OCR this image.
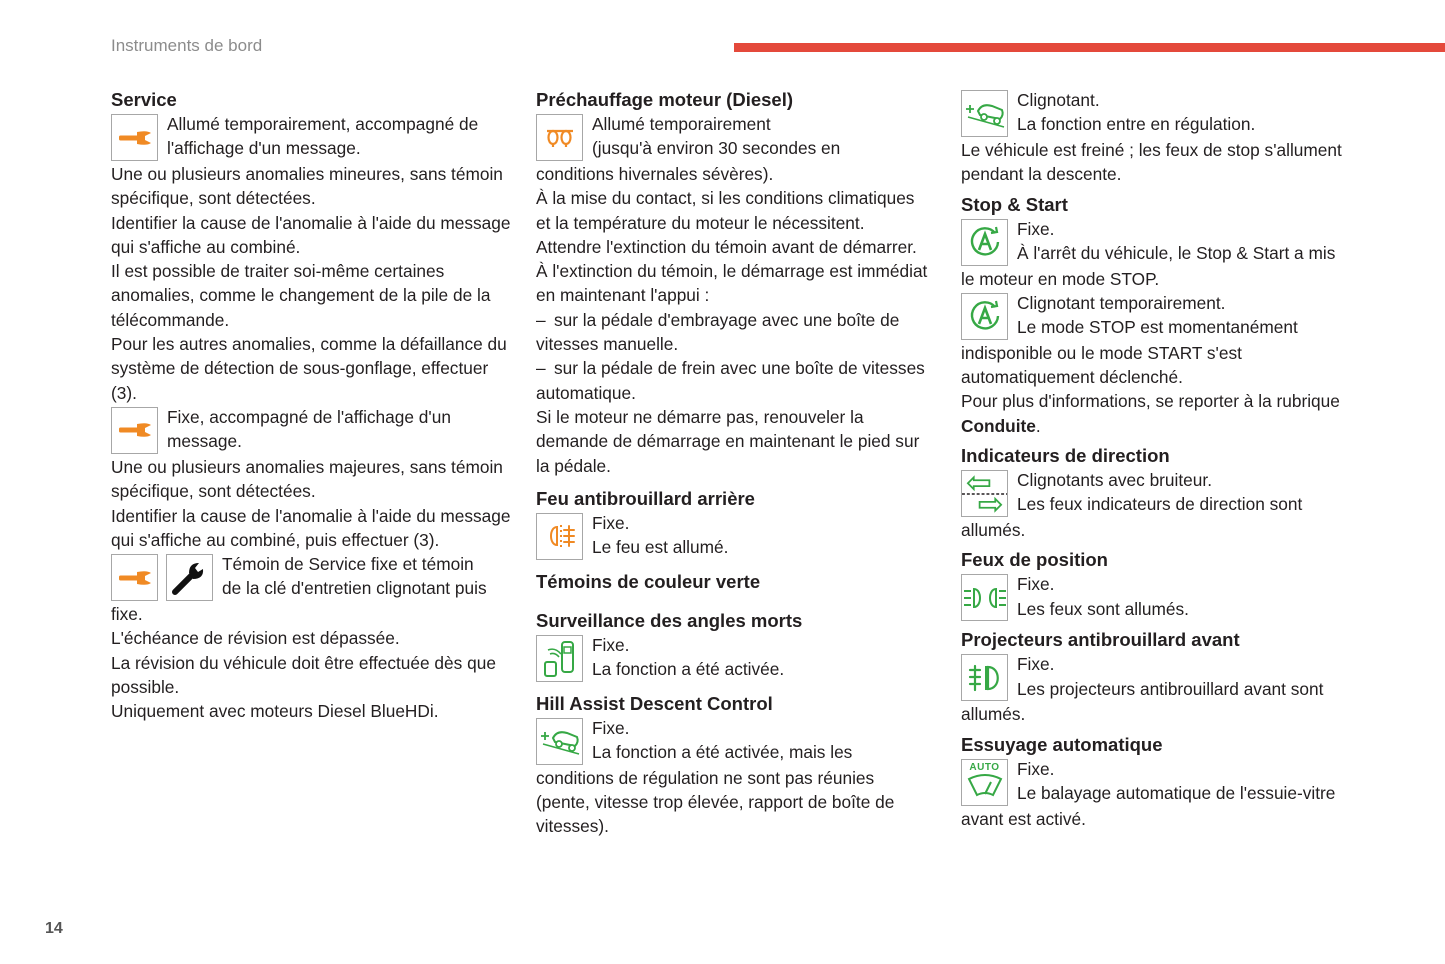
Instruments de bord
Service

Allumé temporairement, accompagné de

l'affichage d'un message.

Une ou plusieurs anomalies mineures, sans témoin spécifique, sont détectées.

Identifier la cause de l'anomalie à l'aide du message qui s'affiche au combiné.

Il est possible de traiter soi-même certaines anomalies, comme le changement de la pile de la télécommande.

Pour les autres anomalies, comme la défaillance du système de détection de sous-gonflage, effectuer (3).

Fixe, accompagné de l'affichage d'un

message.

Une ou plusieurs anomalies majeures, sans témoin spécifique, sont détectées.

Identifier la cause de l'anomalie à l'aide du message qui s'affiche au combiné, puis effectuer (3).

Témoin de Service fixe et témoin

de la clé d'entretien clignotant puis

fixe.

L'échéance de révision est dépassée.

La révision du véhicule doit être effectuée dès que possible.

Uniquement avec moteurs Diesel BlueHDi.

Préchauffage moteur (Diesel)

Allumé temporairement

(jusqu'à environ 30 secondes en

conditions hivernales sévères).

À la mise du contact, si les conditions climatiques et la température du moteur le nécessitent.

Attendre l'extinction du témoin avant de démarrer.

À l'extinction du témoin, le démarrage est immédiat en maintenant l'appui :

– sur la pédale d'embrayage avec une boîte de vitesses manuelle.

– sur la pédale de frein avec une boîte de vitesses automatique.

Si le moteur ne démarre pas, renouveler la demande de démarrage en maintenant le pied sur la pédale.

Feu antibrouillard arrière

Fixe.

Le feu est allumé.

Témoins de couleur verte
Surveillance des angles morts

Fixe.

La fonction a été activée.

Hill Assist Descent Control

Fixe.

La fonction a été activée, mais les

conditions de régulation ne sont pas réunies (pente, vitesse trop élevée, rapport de boîte de vitesses).

Clignotant.

La fonction entre en régulation.

Le véhicule est freiné ; les feux de stop s'allument pendant la descente.

Stop & Start

Fixe.

À l'arrêt du véhicule, le Stop & Start a mis

le moteur en mode STOP.

Clignotant temporairement.

Le mode STOP est momentanément

indisponible ou le mode START s'est automatiquement déclenché.

Pour plus d'informations, se reporter à la rubrique Conduite.

Indicateurs de direction

Clignotants avec bruiteur.

Les feux indicateurs de direction sont

allumés.

Feux de position

Fixe.

Les feux sont allumés.

Projecteurs antibrouillard avant

Fixe.

Les projecteurs antibrouillard avant sont

allumés.

Essuyage automatique
AUTO	Fixe.

Le balayage automatique de l'essuie-vitre

avant est activé.

14
